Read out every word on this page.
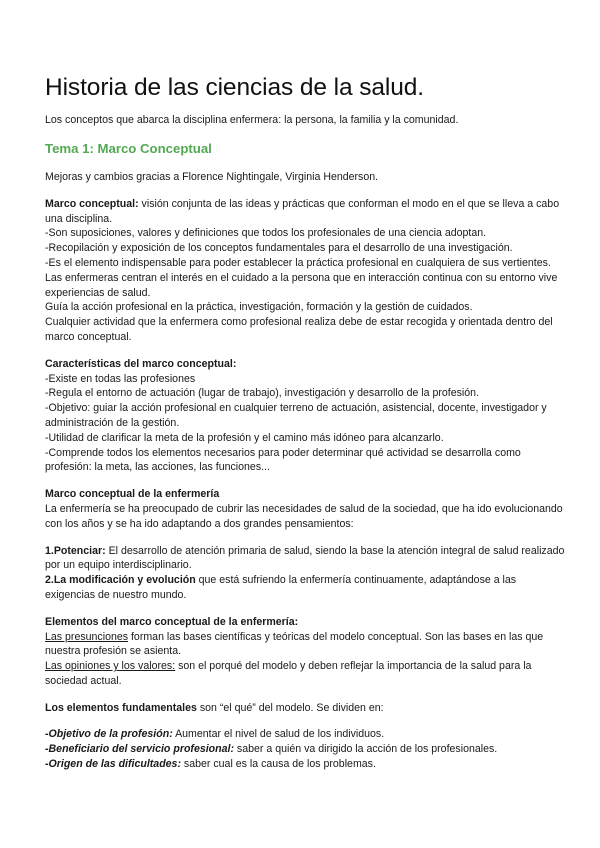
Historia de las ciencias de la salud.

Los conceptos que abarca la disciplina enfermera: la persona, la familia y la comunidad.

Tema 1: Marco Conceptual

Mejoras y cambios gracias a Florence Nightingale, Virginia Henderson.

Marco conceptual: visión conjunta de las ideas y prácticas que conforman el modo en el que se lleva a cabo una disciplina.

-Son suposiciones, valores y definiciones que todos los profesionales de una ciencia adoptan.

-Recopilación y exposición de los conceptos fundamentales para el desarrollo de una investigación.

-Es el elemento indispensable para poder establecer la práctica profesional en cualquiera de sus vertientes. Las enfermeras centran el interés en el cuidado a la persona que en interacción continua con su entorno vive experiencias de salud.

Guía la acción profesional en la práctica, investigación, formación y la gestión de cuidados.

Cualquier actividad que la enfermera como profesional realiza debe de estar recogida y orientada dentro del marco conceptual.

Características del marco conceptual:

-Existe en todas las profesiones

-Regula el entorno de actuación (lugar de trabajo), investigación y desarrollo de la profesión.

-Objetivo: guiar la acción profesional en cualquier terreno de actuación, asistencial, docente, investigador y administración de la gestión.

-Utilidad de clarificar la meta de la profesión y el camino más idóneo para alcanzarlo.

-Comprende todos los elementos necesarios para poder determinar qué actividad se desarrolla como profesión: la meta, las acciones, las funciones...

Marco conceptual de la enfermería

La enfermería se ha preocupado de cubrir las necesidades de salud de la sociedad, que ha ido evolucionando con los años y se ha ido adaptando a dos grandes pensamientos:

1.Potenciar: El desarrollo de atención primaria de salud, siendo la base la atención integral de salud realizado por un equipo interdisciplinario.

2.La modificación y evolución que está sufriendo la enfermería continuamente, adaptándose a las exigencias de nuestro mundo.

Elementos del marco conceptual de la enfermería:

Las presunciones forman las bases científicas y teóricas del modelo conceptual. Son las bases en las que nuestra profesión se asienta.

Las opiniones y los valores: son el porqué del modelo y deben reflejar la importancia de la salud para la sociedad actual.

Los elementos fundamentales son “el qué” del modelo. Se dividen en:

-Objetivo de la profesión: Aumentar el nivel de salud de los individuos.

-Beneficiario del servicio profesional: saber a quién va dirigido la acción de los profesionales.

-Origen de las dificultades: saber cual es la causa de los problemas.
